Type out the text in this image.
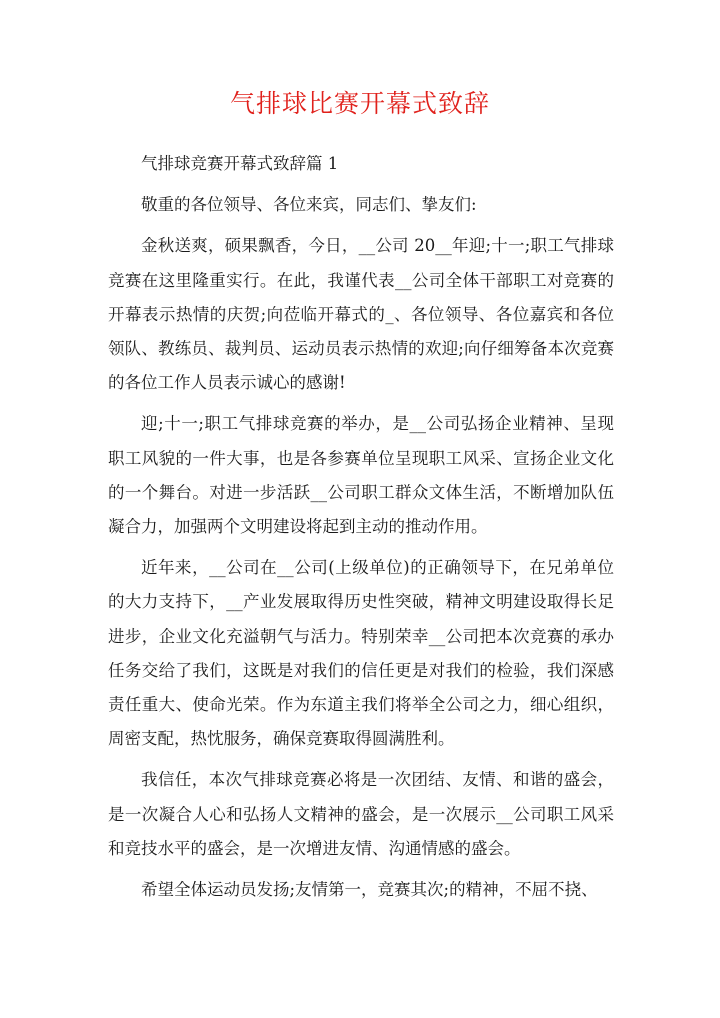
气排球比赛开幕式致辞

气排球竞赛开幕式致辞篇 1

敬重的各位领导、各位来宾，同志们、挚友们:

金秋送爽，硕果飘香，今日，__公司 20__年迎;十一;职工气排球竞赛在这里隆重实行。在此，我谨代表__公司全体干部职工对竞赛的开幕表示热情的庆贺;向莅临开幕式的_、各位领导、各位嘉宾和各位领队、教练员、裁判员、运动员表示热情的欢迎;向仔细筹备本次竞赛的各位工作人员表示诚心的感谢!

迎;十一;职工气排球竞赛的举办，是__公司弘扬企业精神、呈现职工风貌的一件大事，也是各参赛单位呈现职工风采、宣扬企业文化的一个舞台。对进一步活跃__公司职工群众文体生活，不断增加队伍凝合力，加强两个文明建设将起到主动的推动作用。

近年来，__公司在__公司(上级单位)的正确领导下，在兄弟单位的大力支持下，__产业发展取得历史性突破，精神文明建设取得长足进步，企业文化充溢朝气与活力。特别荣幸__公司把本次竞赛的承办任务交给了我们，这既是对我们的信任更是对我们的检验，我们深感责任重大、使命光荣。作为东道主我们将举全公司之力，细心组织，周密支配，热忱服务，确保竞赛取得圆满胜利。

我信任，本次气排球竞赛必将是一次团结、友情、和谐的盛会，是一次凝合人心和弘扬人文精神的盛会，是一次展示__公司职工风采和竞技水平的盛会，是一次增进友情、沟通情感的盛会。

希望全体运动员发扬;友情第一，竞赛其次;的精神，不屈不挠、
